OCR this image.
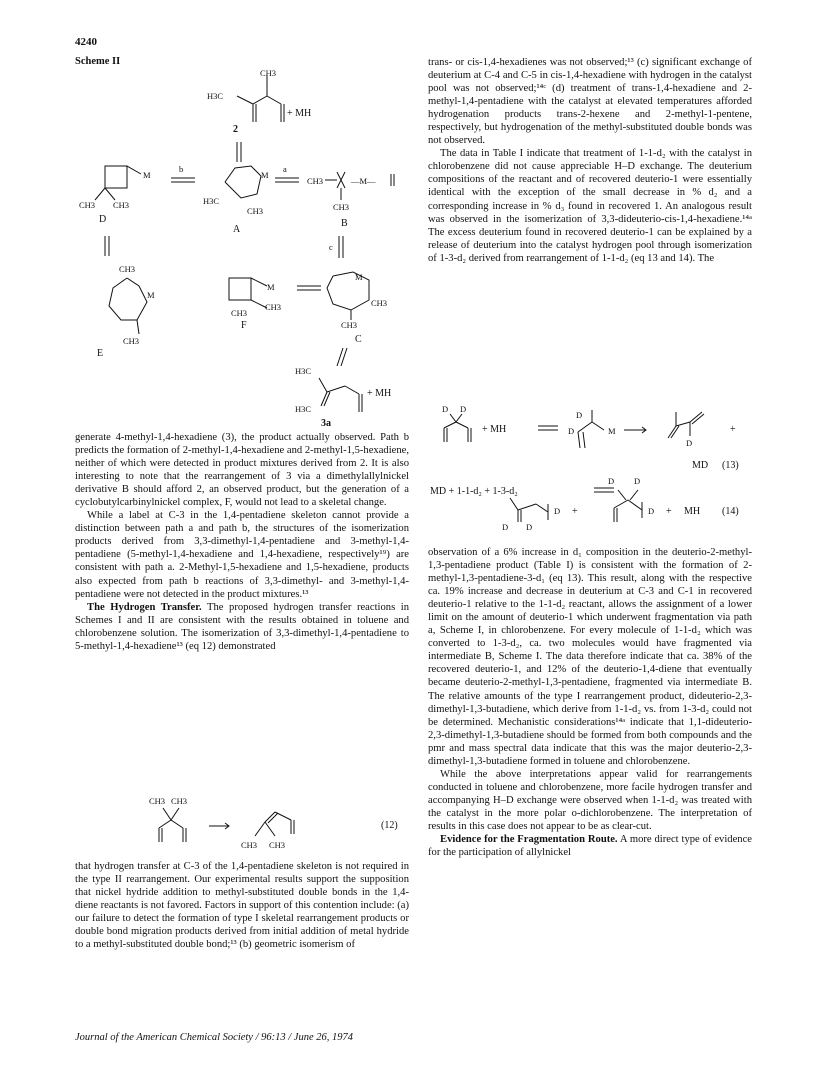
4240
Scheme II
CH3
H3C
+ MH
2
M
CH3 CH3
D
b
M
H3C
CH3
A
a
CH3	—M—
CH3
B
c
CH3
M
CH3
E
M
CH3
CH3
F
M
CH3
CH3
C
H3C
+ MH
H3C
3a

generate 4-methyl-1,4-hexadiene (3), the product actually observed. Path b predicts the formation of 2-methyl-1,4-hexadiene and 2-methyl-1,5-hexadiene, neither of which were detected in product mixtures derived from 2. It is also interesting to note that the rearrangement of 3 via a dimethylallylnickel derivative B should afford 2, an observed product, but the generation of a cyclobutylcarbinylnickel complex, F, would not lead to a skeletal change.

While a label at C-3 in the 1,4-pentadiene skeleton cannot provide a distinction between path a and path b, the structures of the isomerization products derived from 3,3-dimethyl-1,4-pentadiene and 3-methyl-1,4-pentadiene (5-methyl-1,4-hexadiene and 1,4-hexadiene, respectively¹⁹) are consistent with path a. 2-Methyl-1,5-hexadiene and 1,5-hexadiene, products also expected from path b reactions of 3,3-dimethyl- and 3-methyl-1,4-pentadiene were not detected in the product mixtures.¹³

The Hydrogen Transfer. The proposed hydrogen transfer reactions in Schemes I and II are consistent with the results obtained in toluene and chlorobenzene solution. The isomerization of 3,3-dimethyl-1,4-pentadiene to 5-methyl-1,4-hexadiene¹³ (eq 12) demonstrated

CH3 CH3
CH3 CH3
(12)

that hydrogen transfer at C-3 of the 1,4-pentadiene skeleton is not required in the type II rearrangement. Our experimental results support the supposition that nickel hydride addition to methyl-substituted double bonds in the 1,4-diene reactants is not favored. Factors in support of this contention include: (a) our failure to detect the formation of type I skeletal rearrangement products or double bond migration products derived from initial addition of metal hydride to a methyl-substituted double bond;¹³ (b) geometric isomerism of

trans- or cis-1,4-hexadienes was not observed;¹³ (c) significant exchange of deuterium at C-4 and C-5 in cis-1,4-hexadiene with hydrogen in the catalyst pool was not observed;¹⁴ᶜ (d) treatment of trans-1,4-hexadiene and 2-methyl-1,4-pentadiene with the catalyst at elevated temperatures afforded hydrogenation products trans-2-hexene and 2-methyl-1-pentene, respectively, but hydrogenation of the methyl-substituted double bonds was not observed.

The data in Table I indicate that treatment of 1-1-d₂ with the catalyst in chlorobenzene did not cause appreciable H–D exchange. The deuterium compositions of the reactant and of recovered deuterio-1 were essentially identical with the exception of the small decrease in % d₂ and a corresponding increase in % d₃ found in recovered 1. An analogous result was observed in the isomerization of 3,3-dideuterio-cis-1,4-hexadiene.¹⁴ᵃ The excess deuterium found in recovered deuterio-1 can be explained by a release of deuterium into the catalyst hydrogen pool through isomerization of 1-3-d₂ derived from rearrangement of 1-1-d₂ (eq 13 and 14). The

D D
+ MH
D
D	M
D
+
MD (13)
MD + 1-1-d₂ + 1-3-d₂
D D
D D
D +	D + MH (14)

observation of a 6% increase in d₁ composition in the deuterio-2-methyl-1,3-pentadiene product (Table I) is consistent with the formation of 2-methyl-1,3-pentadiene-3-d₁ (eq 13). This result, along with the respective ca. 19% increase and decrease in deuterium at C-3 and C-1 in recovered deuterio-1 relative to the 1-1-d₂ reactant, allows the assignment of a lower limit on the amount of deuterio-1 which underwent fragmentation via path a, Scheme I, in chlorobenzene. For every molecule of 1-1-d₂ which was converted to 1-3-d₂, ca. two molecules would have fragmented via intermediate B, Scheme I. The data therefore indicate that ca. 38% of the recovered deuterio-1, and 12% of the deuterio-1,4-diene that eventually became deuterio-2-methyl-1,3-pentadiene, fragmented via intermediate B. The relative amounts of the type I rearrangement product, dideuterio-2,3-dimethyl-1,3-butadiene, which derive from 1-1-d₂ vs. from 1-3-d₂ could not be determined. Mechanistic considerations¹⁴ᵃ indicate that 1,1-dideuterio-2,3-dimethyl-1,3-butadiene should be formed from both compounds and the pmr and mass spectral data indicate that this was the major deuterio-2,3-dimethyl-1,3-butadiene formed in toluene and chlorobenzene.

While the above interpretations appear valid for rearrangements conducted in toluene and chlorobenzene, more facile hydrogen transfer and accompanying H–D exchange were observed when 1-1-d₂ was treated with the catalyst in the more polar o-dichlorobenzene. The interpretation of results in this case does not appear to be as clear-cut.

Evidence for the Fragmentation Route. A more direct type of evidence for the participation of allylnickel

Journal of the American Chemical Society / 96:13 / June 26, 1974
